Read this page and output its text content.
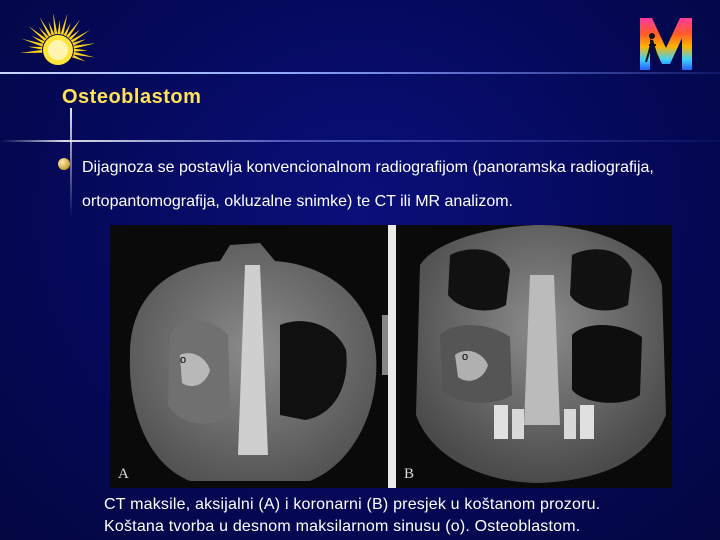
Osteoblastom
Dijagnoza se postavlja konvencionalnom radiografijom (panoramska radiografija, ortopantomografija, okluzalne snimke) te CT ili MR analizom.
o	o
A	B
CT maksile, aksijalni (A) i koronarni (B) presjek u koštanom prozoru.
Koštana tvorba u desnom maksilarnom sinusu (o). Osteoblastom.
